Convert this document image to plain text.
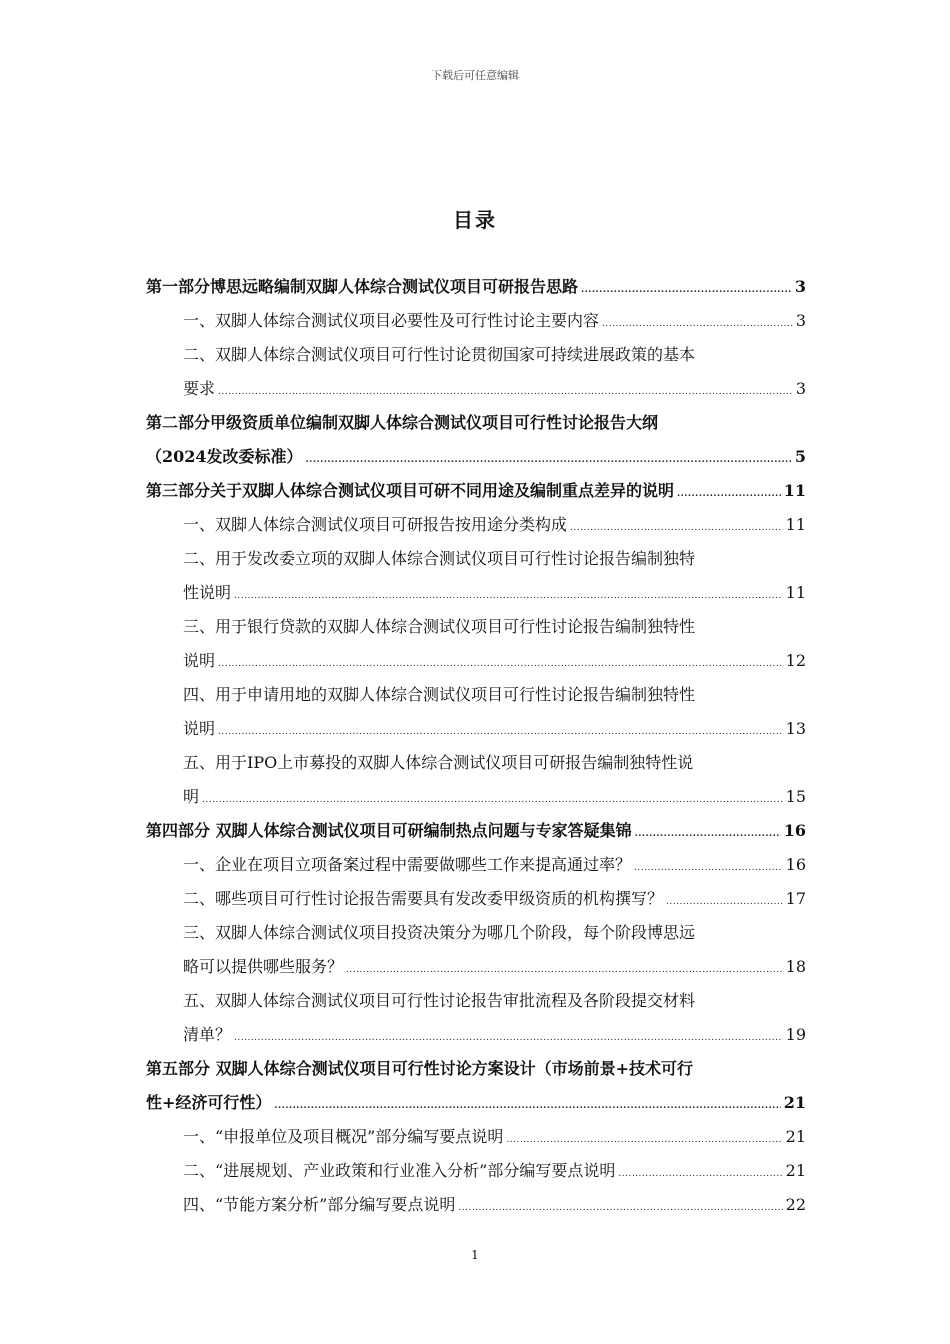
下载后可任意编辑
目录
第一部分博思远略编制双脚人体综合测试仪项目可研报告思路 .....	3
一、双脚人体综合测试仪项目必要性及可行性讨论主要内容 .....	3
二、双脚人体综合测试仪项目可行性讨论贯彻国家可持续进展政策的基本
要求 .....	3
第二部分甲级资质单位编制双脚人体综合测试仪项目可行性讨论报告大纲
（2024发改委标准） .....	5
第三部分关于双脚人体综合测试仪项目可研不同用途及编制重点差异的说明 .....	11
一、双脚人体综合测试仪项目可研报告按用途分类构成 .....	11
二、用于发改委立项的双脚人体综合测试仪项目可行性讨论报告编制独特
性说明 .....	11
三、用于银行贷款的双脚人体综合测试仪项目可行性讨论报告编制独特性
说明 .....	12
四、用于申请用地的双脚人体综合测试仪项目可行性讨论报告编制独特性
说明 .....	13
五、用于IPO上市募投的双脚人体综合测试仪项目可研报告编制独特性说
明 .....	15
第四部分 双脚人体综合测试仪项目可研编制热点问题与专家答疑集锦 .....	16
一、企业在项目立项备案过程中需要做哪些工作来提高通过率？ .....	16
二、哪些项目可行性讨论报告需要具有发改委甲级资质的机构撰写？ .....	17
三、双脚人体综合测试仪项目投资决策分为哪几个阶段，每个阶段博思远
略可以提供哪些服务？ .....	18
五、双脚人体综合测试仪项目可行性讨论报告审批流程及各阶段提交材料
清单？ .....	19
第五部分 双脚人体综合测试仪项目可行性讨论方案设计（市场前景+技术可行
性+经济可行性） .....	21
一、“申报单位及项目概况”部分编写要点说明 .....	21
二、“进展规划、产业政策和行业准入分析”部分编写要点说明 .....	21
四、“节能方案分析”部分编写要点说明 .....	22
1
